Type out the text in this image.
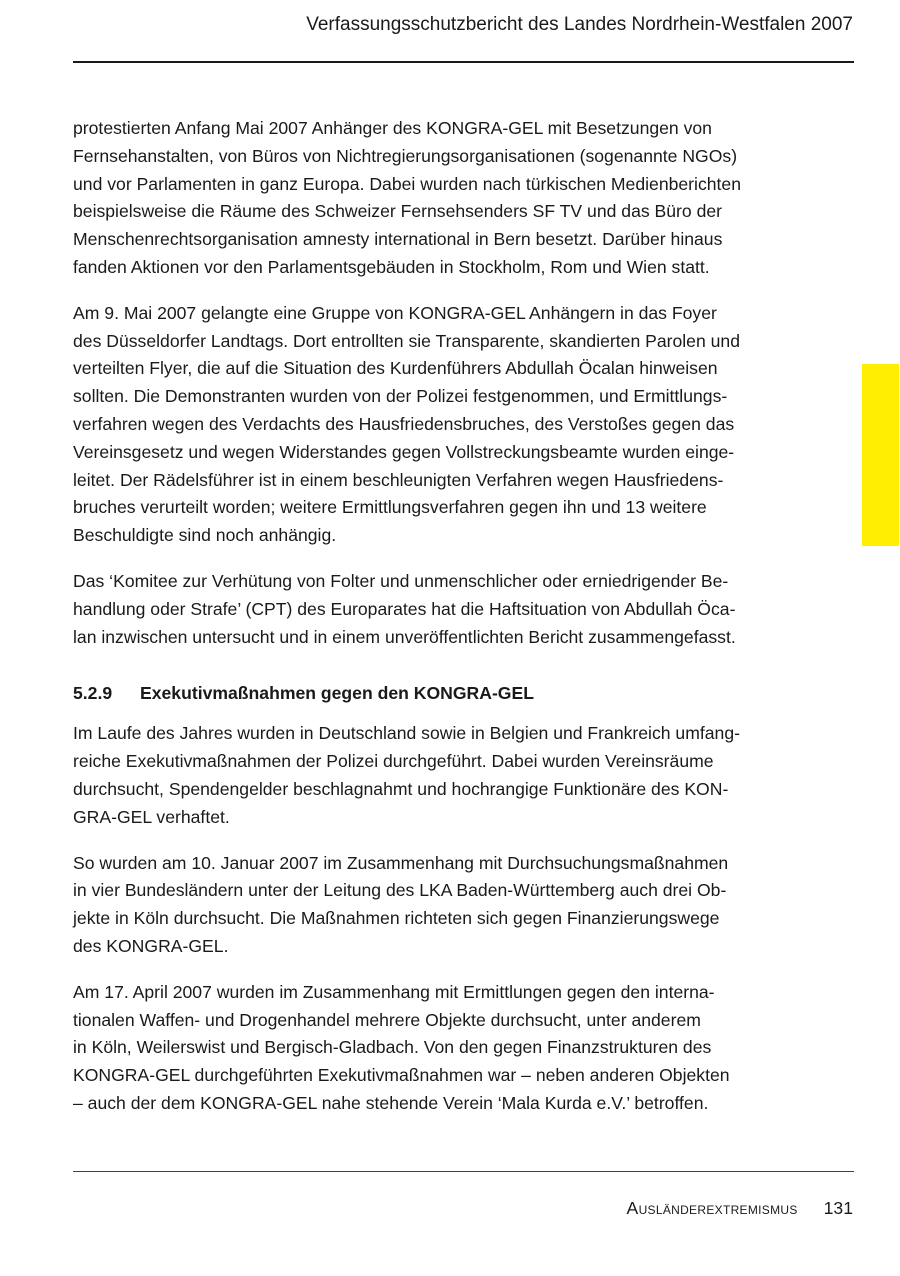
Verfassungsschutzbericht des Landes Nordrhein-Westfalen 2007

protestierten Anfang Mai 2007 Anhänger des KONGRA-GEL mit Besetzungen von
Fernsehanstalten, von Büros von Nichtregierungsorganisationen (sogenannte NGOs)
und vor Parlamenten in ganz Europa. Dabei wurden nach türkischen Medienberichten
beispielsweise die Räume des Schweizer Fernsehsenders SF TV und das Büro der
Menschenrechtsorganisation amnesty international in Bern besetzt. Darüber hinaus
fanden Aktionen vor den Parlamentsgebäuden in Stockholm, Rom und Wien statt.

Am 9. Mai 2007 gelangte eine Gruppe von KONGRA-GEL Anhängern in das Foyer
des Düsseldorfer Landtags. Dort entrollten sie Transparente, skandierten Parolen und
verteilten Flyer, die auf die Situation des Kurdenführers Abdullah Öcalan hinweisen
sollten. Die Demonstranten wurden von der Polizei festgenommen, und Ermittlungs-
verfahren wegen des Verdachts des Hausfriedensbruches, des Verstoßes gegen das
Vereinsgesetz und wegen Widerstandes gegen Vollstreckungsbeamte wurden einge-
leitet. Der Rädelsführer ist in einem beschleunigten Verfahren wegen Hausfriedens-
bruches verurteilt worden; weitere Ermittlungsverfahren gegen ihn und 13 weitere
Beschuldigte sind noch anhängig.

Das ‘Komitee zur Verhütung von Folter und unmenschlicher oder erniedrigender Be-
handlung oder Strafe’ (CPT) des Europarates hat die Haftsituation von Abdullah Öca-
lan inzwischen untersucht und in einem unveröffentlichten Bericht zusammengefasst.

5.2.9 Exekutivmaßnahmen gegen den KONGRA-GEL

Im Laufe des Jahres wurden in Deutschland sowie in Belgien und Frankreich umfang-
reiche Exekutivmaßnahmen der Polizei durchgeführt. Dabei wurden Vereinsräume
durchsucht, Spendengelder beschlagnahmt und hochrangige Funktionäre des KON-
GRA-GEL verhaftet.

So wurden am 10. Januar 2007 im Zusammenhang mit Durchsuchungsmaßnahmen
in vier Bundesländern unter der Leitung des LKA Baden-Württemberg auch drei Ob-
jekte in Köln durchsucht. Die Maßnahmen richteten sich gegen Finanzierungswege
des KONGRA-GEL.

Am 17. April 2007 wurden im Zusammenhang mit Ermittlungen gegen den interna-
tionalen Waffen- und Drogenhandel mehrere Objekte durchsucht, unter anderem
in Köln, Weilerswist und Bergisch-Gladbach. Von den gegen Finanzstrukturen des
KONGRA-GEL durchgeführten Exekutivmaßnahmen war – neben anderen Objekten
– auch der dem KONGRA-GEL nahe stehende Verein ‘Mala Kurda e.V.’ betroffen.

Ausländerextremismus 131
